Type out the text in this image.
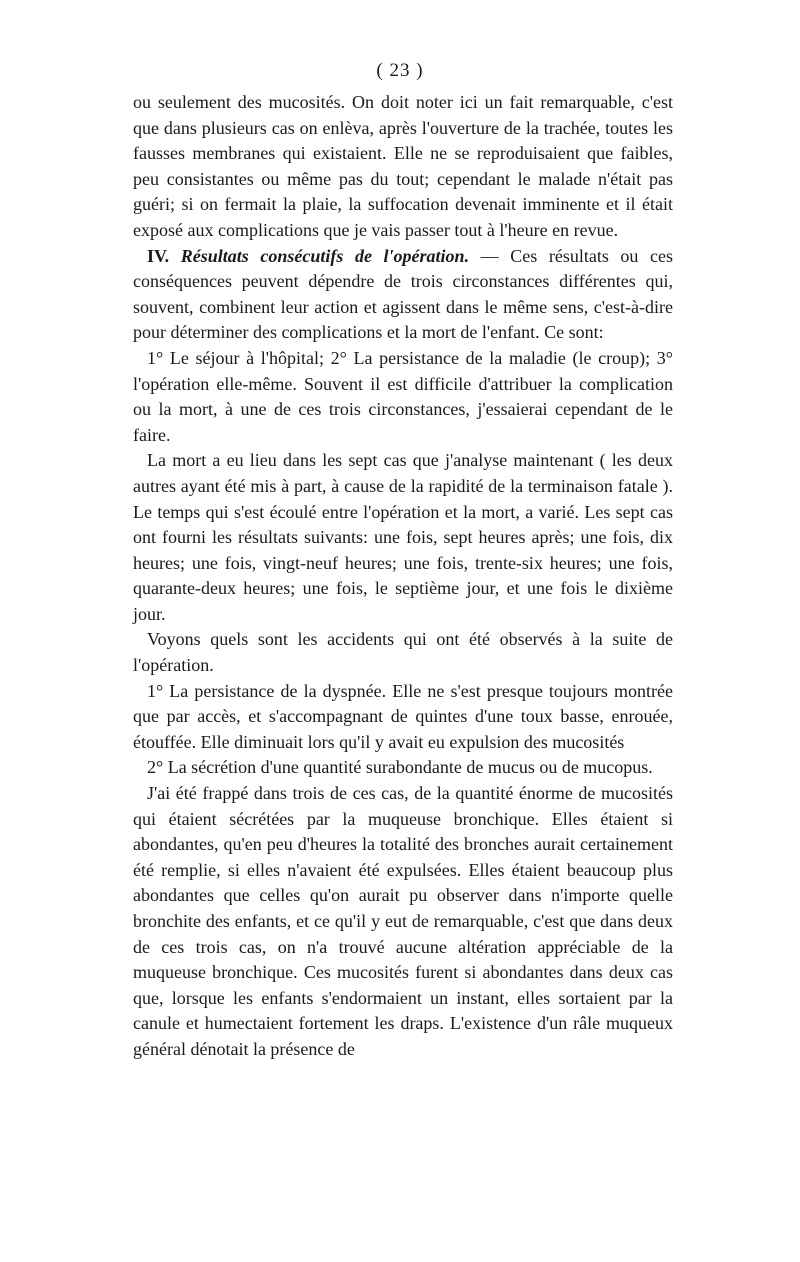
( 23 )

ou seulement des mucosités. On doit noter ici un fait remarquable, c'est que dans plusieurs cas on enlèva, après l'ouverture de la trachée, toutes les fausses membranes qui existaient. Elle ne se reproduisaient que faibles, peu consistantes ou même pas du tout; cependant le malade n'était pas guéri; si on fermait la plaie, la suffocation devenait imminente et il était exposé aux complications que je vais passer tout à l'heure en revue.

IV. Résultats consécutifs de l'opération. — Ces résultats ou ces conséquences peuvent dépendre de trois circonstances différentes qui, souvent, combinent leur action et agissent dans le même sens, c'est-à-dire pour déterminer des complications et la mort de l'enfant. Ce sont:

1° Le séjour à l'hôpital; 2° La persistance de la maladie (le croup); 3° l'opération elle-même. Souvent il est difficile d'attribuer la complication ou la mort, à une de ces trois circonstances, j'essaierai cependant de le faire.

La mort a eu lieu dans les sept cas que j'analyse maintenant ( les deux autres ayant été mis à part, à cause de la rapidité de la terminaison fatale ). Le temps qui s'est écoulé entre l'opération et la mort, a varié. Les sept cas ont fourni les résultats suivants: une fois, sept heures après; une fois, dix heures; une fois, vingt-neuf heures; une fois, trente-six heures; une fois, quarante-deux heures; une fois, le septième jour, et une fois le dixième jour.

Voyons quels sont les accidents qui ont été observés à la suite de l'opération.

1° La persistance de la dyspnée. Elle ne s'est presque toujours montrée que par accès, et s'accompagnant de quintes d'une toux basse, enrouée, étouffée. Elle diminuait lors qu'il y avait eu expulsion des mucosités

2° La sécrétion d'une quantité surabondante de mucus ou de mucopus.

J'ai été frappé dans trois de ces cas, de la quantité énorme de mucosités qui étaient sécrétées par la muqueuse bronchique. Elles étaient si abondantes, qu'en peu d'heures la totalité des bronches aurait certainement été remplie, si elles n'avaient été expulsées. Elles étaient beaucoup plus abondantes que celles qu'on aurait pu observer dans n'importe quelle bronchite des enfants, et ce qu'il y eut de remarquable, c'est que dans deux de ces trois cas, on n'a trouvé aucune altération appréciable de la muqueuse bronchique. Ces mucosités furent si abondantes dans deux cas que, lorsque les enfants s'endormaient un instant, elles sortaient par la canule et humectaient fortement les draps. L'existence d'un râle muqueux général dénotait la présence de
